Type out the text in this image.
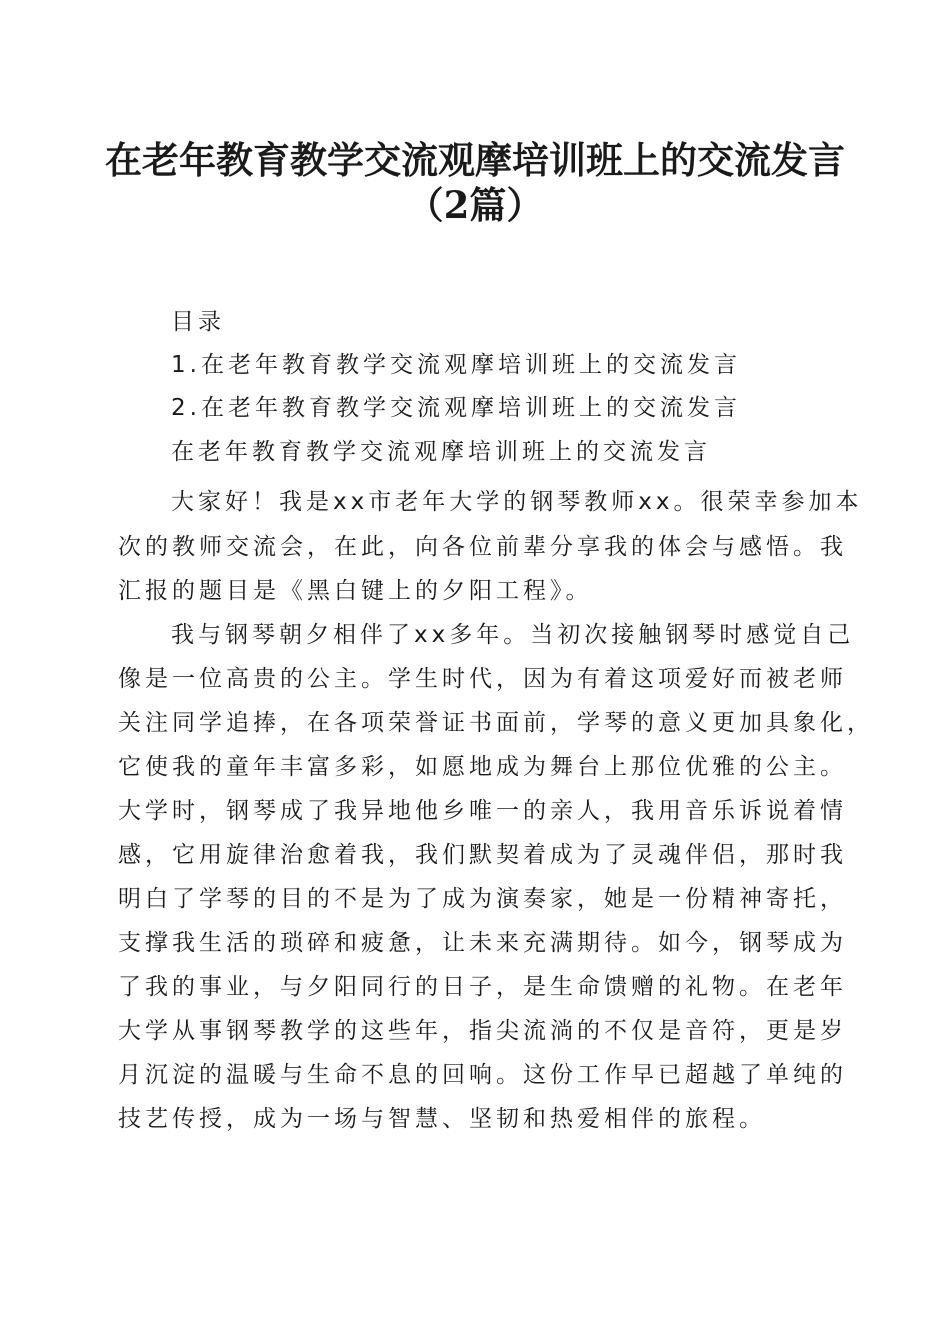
在老年教育教学交流观摩培训班上的交流发言
（2篇）

目录

1.在老年教育教学交流观摩培训班上的交流发言

2.在老年教育教学交流观摩培训班上的交流发言

在老年教育教学交流观摩培训班上的交流发言

大家好！我是xx市老年大学的钢琴教师xx。很荣幸参加本

次的教师交流会，在此，向各位前辈分享我的体会与感悟。我

汇报的题目是《黑白键上的夕阳工程》。

我与钢琴朝夕相伴了xx多年。当初次接触钢琴时感觉自己

像是一位高贵的公主。学生时代，因为有着这项爱好而被老师

关注同学追捧，在各项荣誉证书面前，学琴的意义更加具象化，

它使我的童年丰富多彩，如愿地成为舞台上那位优雅的公主。

大学时，钢琴成了我异地他乡唯一的亲人，我用音乐诉说着情

感，它用旋律治愈着我，我们默契着成为了灵魂伴侣，那时我

明白了学琴的目的不是为了成为演奏家，她是一份精神寄托，

支撑我生活的琐碎和疲惫，让未来充满期待。如今，钢琴成为

了我的事业，与夕阳同行的日子，是生命馈赠的礼物。在老年

大学从事钢琴教学的这些年，指尖流淌的不仅是音符，更是岁

月沉淀的温暖与生命不息的回响。这份工作早已超越了单纯的

技艺传授，成为一场与智慧、坚韧和热爱相伴的旅程。
